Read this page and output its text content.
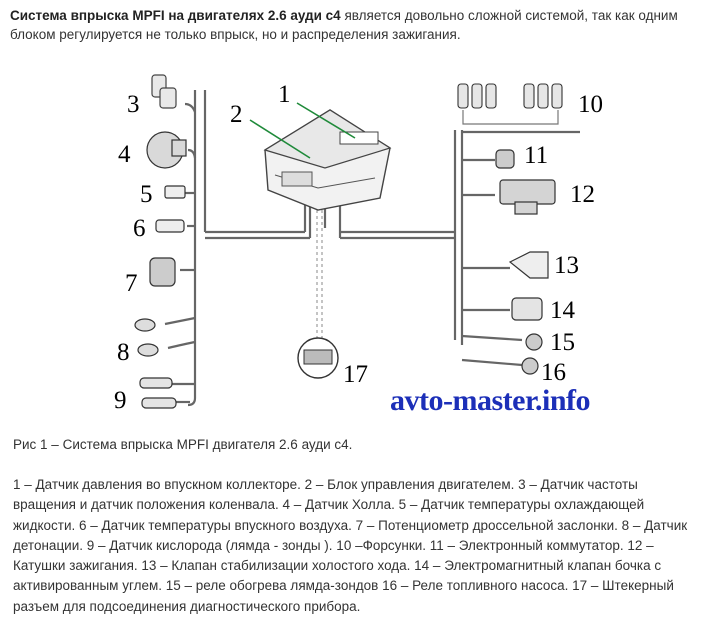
Система впрыска MPFI на двигателях 2.6 ауди с4 является довольно сложной системой, так как одним блоком регулируется не только впрыск, но и распределения зажигания.
1
2
3
4
5
6
7
8
9
10
11
12
13
14
15
16
17
avto-master.info
Рис 1 – Система впрыска MPFI двигателя 2.6 ауди с4.
1 – Датчик давления во впускном коллекторе. 2 – Блок управления двигателем. 3 – Датчик частоты вращения и датчик положения коленвала. 4 – Датчик Холла. 5 – Датчик температуры охлаждающей жидкости. 6 – Датчик температуры впускного воздуха. 7 – Потенциометр дроссельной заслонки. 8 – Датчик детонации. 9 – Датчик кислорода (лямда - зонды ). 10 –Форсунки. 11 – Электронный коммутатор. 12 – Катушки зажигания. 13 – Клапан стабилизации холостого хода. 14 – Электромагнитный клапан бочка с активированным углем. 15 – реле обогрева лямда-зондов 16 – Реле топливного насоса. 17 – Штекерный разъем для подсоединения диагностического прибора.
